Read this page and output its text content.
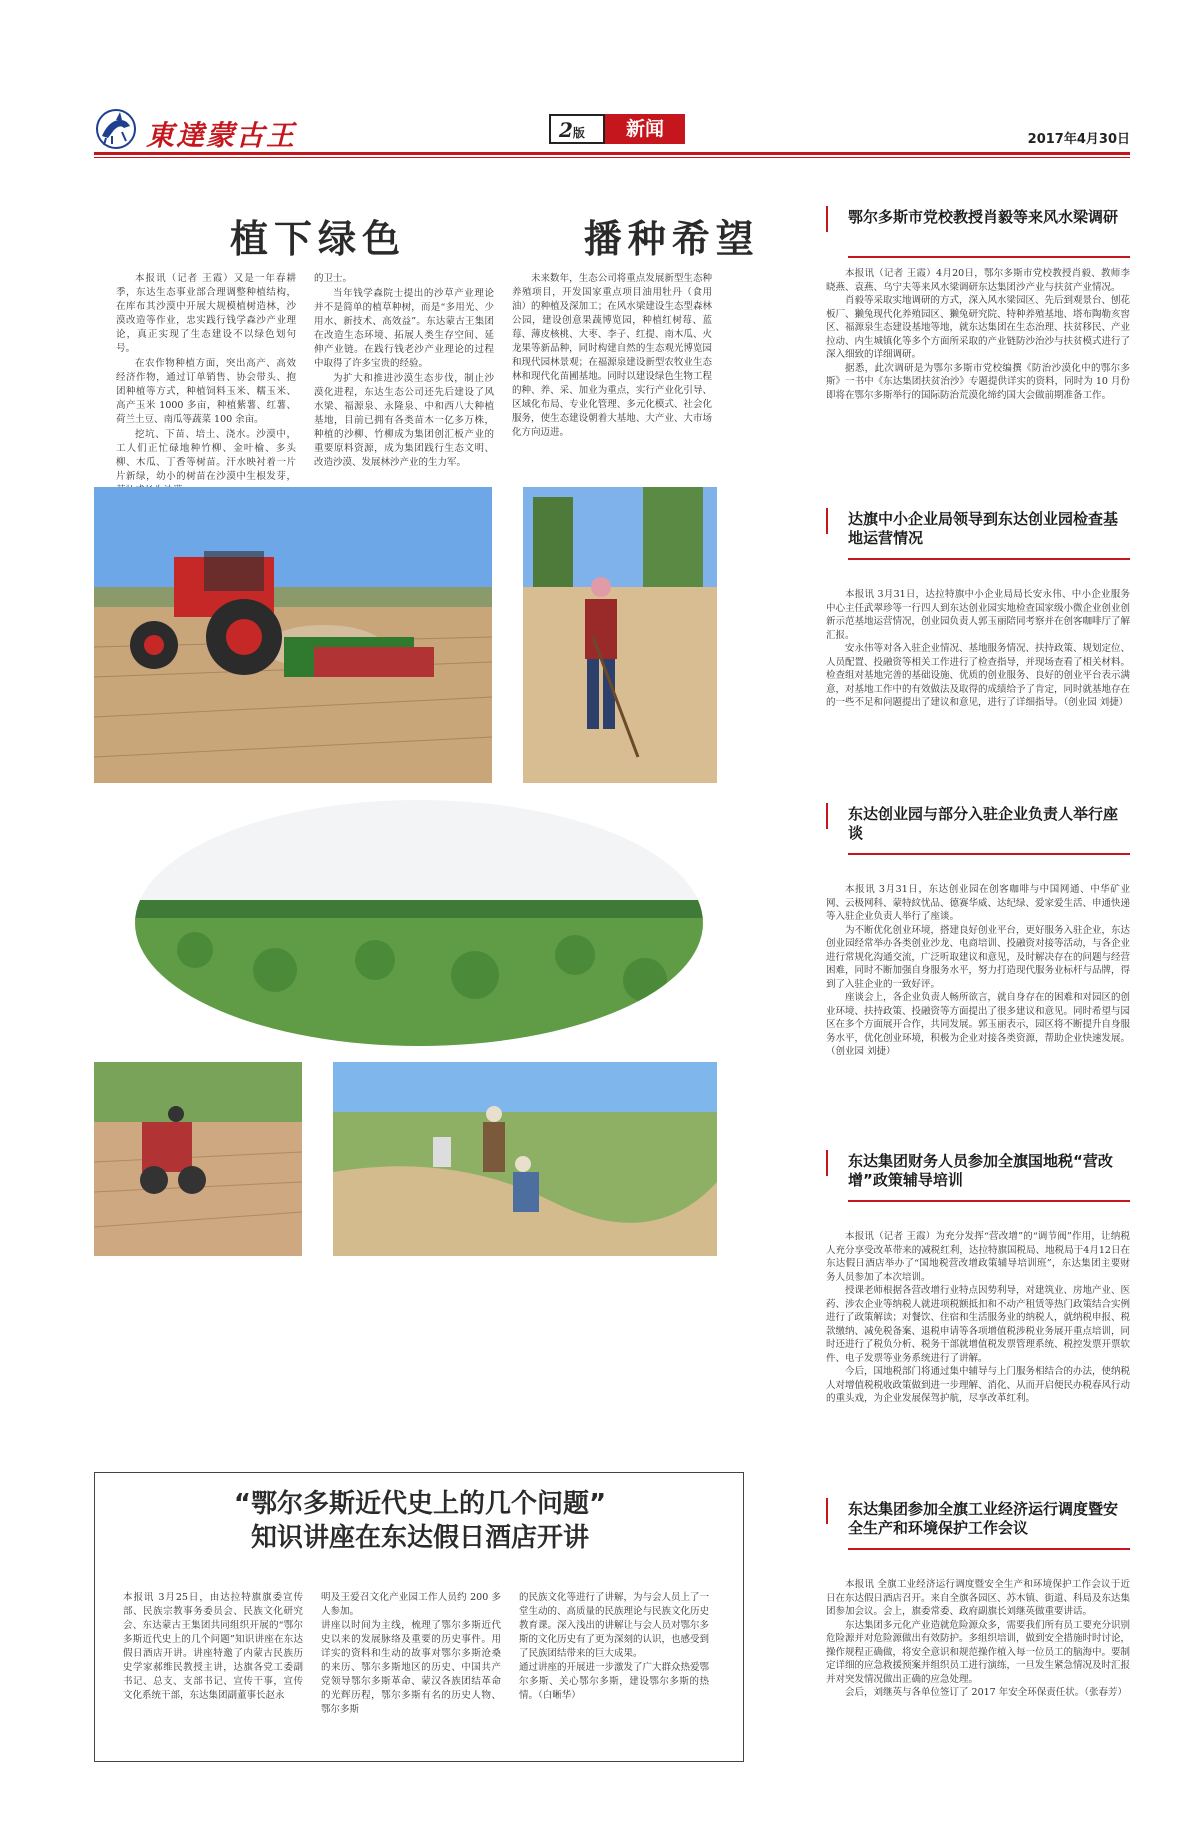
東達蒙古王	2版	新闻	2017年4月30日
植下绿色   播种希望

本报讯（记者 王霞）又是一年春耕季，东达生态事业部合理调整种植结构，在库布其沙漠中开展大规模植树造林，沙漠改造等作业，忠实践行钱学森沙产业理论，真正实现了生态建设不以绿色划句号。

在农作物种植方面，突出高产、高效经济作物，通过订单销售、协会带头、抱团种植等方式，种植饲料玉米、糯玉米、高产玉米 1000 多亩，种植紫薯、红薯、荷兰土豆、南瓜等蔬菜 100 余亩。

挖坑、下苗、培土、浇水。沙漠中，工人们正忙碌地种竹柳、金叶榆、多头柳、木瓜、丁香等树苗。汗水映衬着一片片新绿，幼小的树苗在沙漠中生根发芽，

的卫士。

当年钱学森院士提出的沙草产业理论并不是简单的植草种树，而是“多用光、少用水、新技术、高效益”。东达蒙古王集团在改造生态环境、拓展人类生存空间、延伸产业链。在践行钱老沙产业理论的过程中取得了许多宝贵的经验。

为扩大和推进沙漠生态步伐，制止沙漠化进程，东达生态公司还先后建设了风水梁、福源泉、永隆泉、中和西八大种植基地，目前已拥有各类苗木一亿多万株，种植的沙柳、竹柳成为集团创汇板产业的重要原料资源，成为集团践行生态文明、改造沙漠、发展林沙产业的生力军。

未来数年，生态公司将重点发展新型生态种养殖项目，开发国家重点项目油用牡丹（食用油）的种植及深加工；在风水梁建设生态型森林公园，建设创意果蔬博览园，种植红树莓、蓝莓、薄皮核桃、大枣、李子、红提、南木瓜、火龙果等新品种，同时构建自然的生态观光博览园和现代园林景观；在福源泉建设新型农牧业生态林和现代化苗圃基地。同时以建设绿色生物工程的种、养、采、加业为重点，实行产业化引导、区域化布局、专业化管理、多元化模式、社会化服务，使生态建设朝着大基地、大产业、大市场化方向迈进。

“鄂尔多斯近代史上的几个问题”
知识讲座在东达假日酒店开讲
本报讯 3月25日，由达拉特旗旗委宣传部、民族宗教事务委员会、民族文化研究会、东达蒙古王集团共同组织开展的“鄂尔多斯近代史上的几个问题”知识讲座在东达假日酒店开讲。讲座特邀了内蒙古民族历史学家郝维民教授主讲，达旗各党工委副书记、总支、支部书记、宣传干事，宣传文化系统干部，东达集团副董事长赵永
明及王爱召文化产业园工作人员约 200 多人参加。
讲座以时间为主线，梳理了鄂尔多斯近代史以来的发展脉络及重要的历史事件。用详实的资料和生动的故事对鄂尔多斯沧桑的来历、鄂尔多斯地区的历史、中国共产党领导鄂尔多斯革命、蒙汉各族团结革命的光辉历程，鄂尔多斯有名的历史人物、鄂尔多斯
的民族文化等进行了讲解，为与会人员上了一堂生动的、高质量的民族理论与民族文化历史教育课。深入浅出的讲解让与会人员对鄂尔多斯的文化历史有了更为深刻的认识，也感受到了民族团结带来的巨大成果。
通过讲座的开展进一步激发了广大群众热爱鄂尔多斯、关心鄂尔多斯，建设鄂尔多斯的热情。（白晰华）
鄂尔多斯市党校教授肖毅等来风水梁调研

本报讯（记者 王霞）4月20日，鄂尔多斯市党校教授肖毅、教师李晓燕、袁燕、乌宁夫等来风水梁调研东达集团沙产业与扶贫产业情况。

肖毅等采取实地调研的方式，深入风水梁园区、先后到观景台、刨花板厂、獭兔现代化养殖园区、獭兔研究院、特种养殖基地、塔布陶勒亥窖区、福源泉生态建设基地等地，就东达集团在生态治理、扶贫移民、产业拉动、内生城镇化等多个方面所采取的产业链防沙治沙与扶贫模式进行了深入细致的详细调研。

据悉，此次调研是为鄂尔多斯市党校编撰《防治沙漠化中的鄂尔多斯》一书中《东达集团扶贫治沙》专题提供详实的资料，同时为 10 月份即将在鄂尔多斯举行的国际防治荒漠化缔约国大会做前期准备工作。

达旗中小企业局领导到东达创业园检查基地运营情况

本报讯 3月31日，达拉特旗中小企业局局长安永伟、中小企业服务中心主任武翠珍等一行四人到东达创业园实地检查国家级小微企业创业创新示范基地运营情况，创业园负责人郭玉丽陪同考察并在创客咖啡厅了解汇报。

安永伟等对各入驻企业情况、基地服务情况、扶持政策、规划定位、人员配置、投融资等相关工作进行了检查指导，并现场查看了相关材料。检查组对基地完善的基础设施、优质的创业服务、良好的创业平台表示满意，对基地工作中的有效做法及取得的成绩给予了肯定，同时就基地存在的一些不足和问题提出了建议和意见，进行了详细指导。（创业园 刘捷）

东达创业园与部分入驻企业负责人举行座谈

本报讯 3月31日，东达创业园在创客咖啡与中国网通、中华矿业网、云极网科、蒙特紋忧品、德赛华威、达纪绿、爱家爱生活、申通快递等入驻企业负责人举行了座谈。

为不断优化创业环境，搭建良好创业平台，更好服务入驻企业，东达创业园经常举办各类创业沙龙、电商培训、投融资对接等活动，与各企业进行常规化沟通交流，广泛听取建议和意见，及时解决存在的问题与经营困难，同时不断加强自身服务水平，努力打造现代服务业标杆与品牌，得到了入驻企业的一致好评。

座谈会上，各企业负责人畅所欲言，就自身存在的困难和对园区的创业环境、扶持政策、投融资等方面提出了很多建议和意见。同时希望与园区在多个方面展开合作，共同发展。郭玉丽表示，园区将不断提升自身服务水平，优化创业环境，积极为企业对接各类资源，帮助企业快速发展。（创业园 刘捷）

东达集团财务人员参加全旗国地税“营改增”政策辅导培训

本报讯（记者 王霞）为充分发挥“营改增”的“调节阀”作用，让纳税人充分享受改革带来的减税红利，达拉特旗国税局、地税局于4月12日在东达假日酒店举办了“国地税营改增政策辅导培训班”，东达集团主要财务人员参加了本次培训。

授课老师根据各营改增行业特点因势利导，对建筑业、房地产业、医药、涉农企业等纳税人就进项税额抵扣和不动产租赁等热门政策结合实例进行了政策解读；对餐饮、住宿和生活服务业的纳税人，就纳税申报、税款缴纳、减免税备案、退税申请等各项增值税涉税业务展开重点培训，同时还进行了税负分析、税务干部就增值税发票管理系统、税控发票开票软件、电子发票等业务系统进行了讲解。

今后，国地税部门将通过集中辅导与上门服务相结合的办法，使纳税人对增值税税收政策做到进一步理解、消化、从而开启便民办税春风行动的重头戏，为企业发展保驾护航，尽享改革红利。

东达集团参加全旗工业经济运行调度暨安全生产和环境保护工作会议

本报讯 全旗工业经济运行调度暨安全生产和环境保护工作会议于近日在东达假日酒店召开。来自全旗各园区、苏木镇、街道、科局及东达集团参加会议。会上，旗委常委、政府副旗长刘继英做重要讲话。

东达集团多元化产业造就危险源众多，需要我们所有员工要充分识别危险源并对危险源做出有效防护。多组织培训，做到安全措施时时讨论，操作规程正确做，将安全意识和规范操作植入每一位员工的脑海中。要制定详细的应急救援预案并组织员工进行演练，一旦发生紧急情况及时汇报并对突发情况做出正确的应急处理。

会后，刘继英与各单位签订了 2017 年安全环保责任状。（张春芳）
